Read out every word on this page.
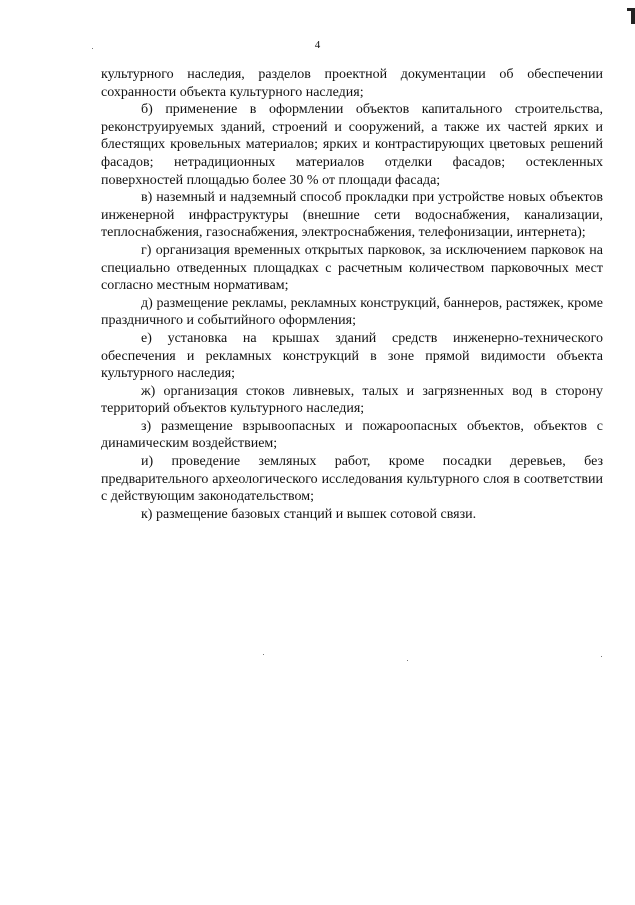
4

культурного наследия, разделов проектной документации об обеспечении сохранности объекта культурного наследия;

б) применение в оформлении объектов капитального строительства, реконструируемых зданий, строений и сооружений, а также их частей ярких и блестящих кровельных материалов; ярких и контрастирующих цветовых решений фасадов; нетрадиционных материалов отделки фасадов; остекленных поверхностей площадью более 30 % от площади фасада;

в) наземный и надземный способ прокладки при устройстве новых объектов инженерной инфраструктуры (внешние сети водоснабжения, канализации, теплоснабжения, газоснабжения, электроснабжения, телефонизации, интернета);

г) организация временных открытых парковок, за исключением парковок на специально отведенных площадках с расчетным количеством парковочных мест согласно местным нормативам;

д) размещение рекламы, рекламных конструкций, баннеров, растяжек, кроме праздничного и событийного оформления;

е) установка на крышах зданий средств инженерно-технического обеспечения и рекламных конструкций в зоне прямой видимости объекта культурного наследия;

ж) организация стоков ливневых, талых и загрязненных вод в сторону территорий объектов культурного наследия;

з) размещение взрывоопасных и пожароопасных объектов, объектов с динамическим воздействием;

и) проведение земляных работ, кроме посадки деревьев, без предварительного археологического исследования культурного слоя в соответствии с действующим законодательством;

к) размещение базовых станций и вышек сотовой связи.
